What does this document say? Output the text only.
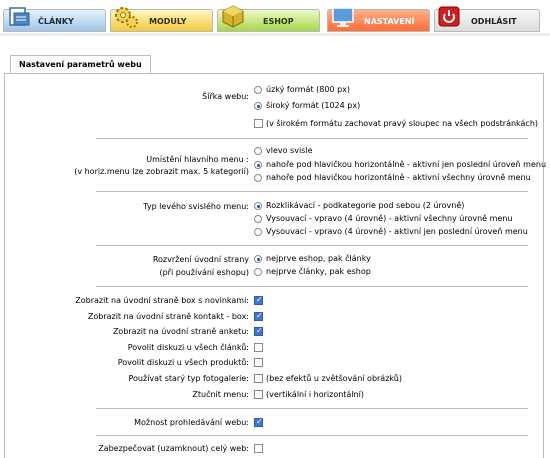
ČLÁNKY	MODULY	ESHOP	NASTAVENÍ	ODHLÁSIT
Nastavení parametrů webu
Šířka webu:
úzký formát (800 px)
široký formát (1024 px)
(v širokém formátu zachovat pravý sloupec na všech podstránkách)
Umístění hlavního menu :
(v horiz.menu lze zobrazit max. 5 kategorií)
vlevo svisle
nahoře pod hlavičkou horizontálně - aktivní jen poslední úroveň menu
nahoře pod hlavičkou horizontálně - aktivní všechny úrovně menu
Typ levého svislého menu: Rozklikávací - podkategorie pod sebou (2 úrovně)
Vysouvací - vpravo (4 úrovně) - aktivní všechny úrovně menu
Vysouvací - vpravo (4 úrovně) - aktivní jen poslední úroveň menu
Rozvržení úvodní strany
(při používání eshopu)
nejprve eshop, pak články
nejprve články, pak eshop
Zobrazit na úvodní straně box s novinkami:
✓
Zobrazit na úvodní straně kontakt - box:
✓
Zobrazit na úvodní straně anketu:
✓
Povolit diskuzi u všech článků:
Povolit diskuzi u všech produktů:
Používat starý typ fotogalerie: (bez efektů u zvětšování obrázků)
Ztučnit menu: (vertikální i horizontální)
Možnost prohledávání webu:
✓
Zabezpečovat (uzamknout) celý web:
